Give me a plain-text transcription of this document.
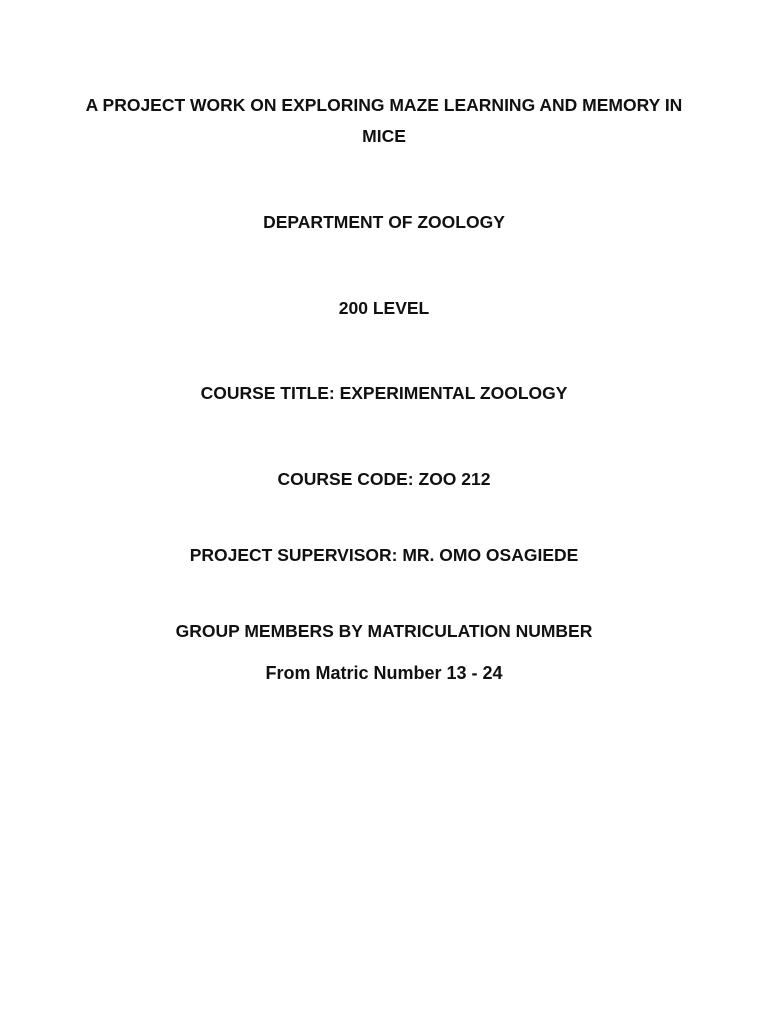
A PROJECT WORK ON EXPLORING MAZE LEARNING AND MEMORY IN MICE
DEPARTMENT OF ZOOLOGY
200 LEVEL
COURSE TITLE: EXPERIMENTAL ZOOLOGY
COURSE CODE: ZOO 212
PROJECT SUPERVISOR: MR. OMO OSAGIEDE
GROUP MEMBERS BY MATRICULATION NUMBER
From Matric Number 13 - 24
